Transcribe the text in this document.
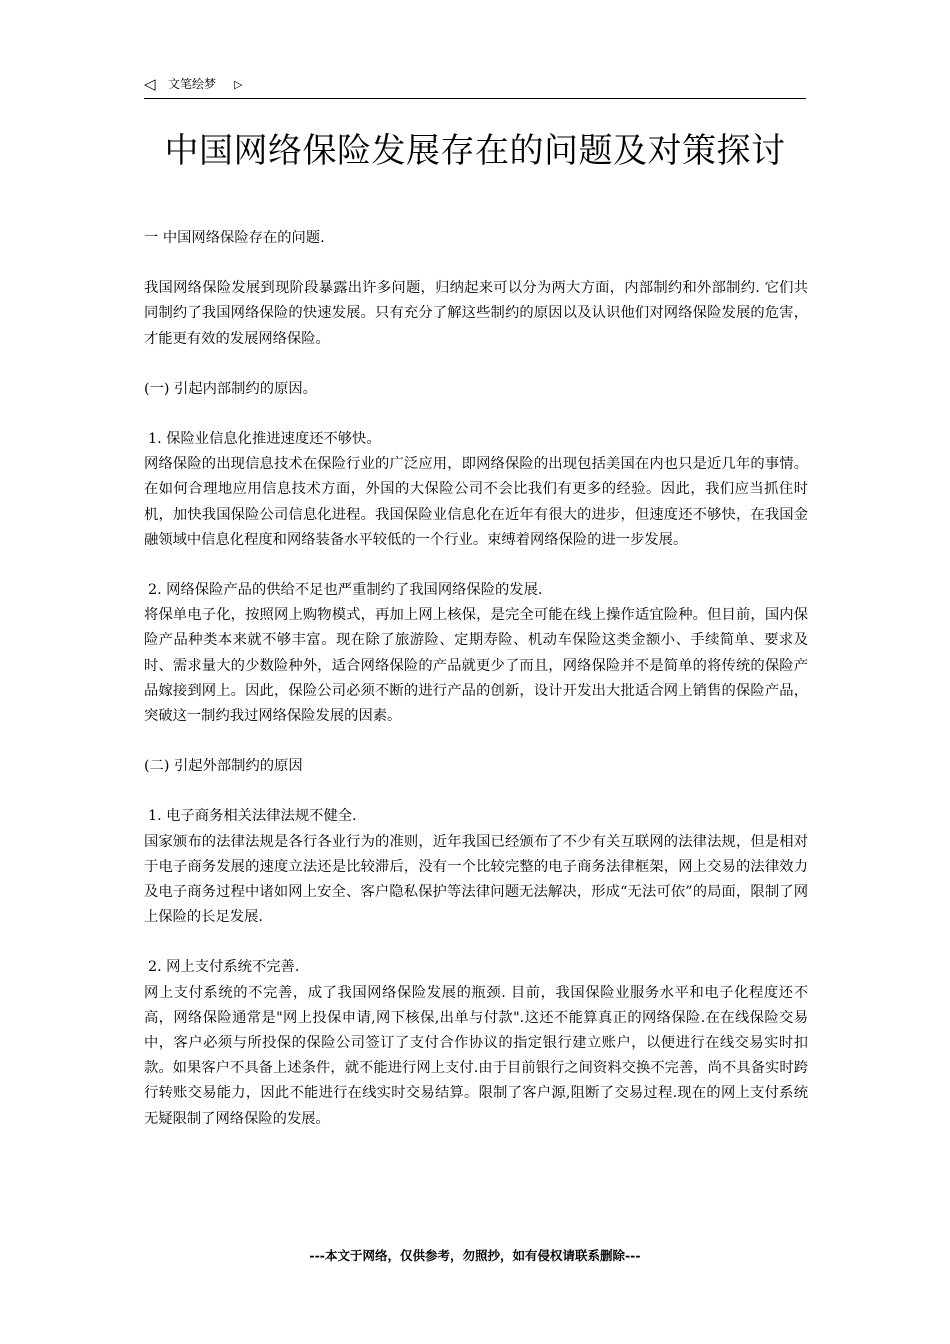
◁ 文笔绘梦 ▷
中国网络保险发展存在的问题及对策探讨

一 中国网络保险存在的问题.

我国网络保险发展到现阶段暴露出许多问题，归纳起来可以分为两大方面，内部制约和外部制约. 它们共同制约了我国网络保险的快速发展。只有充分了解这些制约的原因以及认识他们对网络保险发展的危害，才能更有效的发展网络保险。

(一) 引起内部制约的原因。

1. 保险业信息化推进速度还不够快。

网络保险的出现信息技术在保险行业的广泛应用，即网络保险的出现包括美国在内也只是近几年的事情。在如何合理地应用信息技术方面，外国的大保险公司不会比我们有更多的经验。因此，我们应当抓住时机，加快我国保险公司信息化进程。我国保险业信息化在近年有很大的进步，但速度还不够快，在我国金融领域中信息化程度和网络装备水平较低的一个行业。束缚着网络保险的进一步发展。

2. 网络保险产品的供给不足也严重制约了我国网络保险的发展.

将保单电子化，按照网上购物模式，再加上网上核保，是完全可能在线上操作适宜险种。但目前，国内保险产品种类本来就不够丰富。现在除了旅游险、定期寿险、机动车保险这类金额小、手续简单、要求及时、需求量大的少数险种外，适合网络保险的产品就更少了而且，网络保险并不是简单的将传统的保险产品嫁接到网上。因此，保险公司必须不断的进行产品的创新，设计开发出大批适合网上销售的保险产品，突破这一制约我过网络保险发展的因素。

(二) 引起外部制约的原因

1. 电子商务相关法律法规不健全.

国家颁布的法律法规是各行各业行为的准则，近年我国已经颁布了不少有关互联网的法律法规，但是相对于电子商务发展的速度立法还是比较滞后，没有一个比较完整的电子商务法律框架，网上交易的法律效力及电子商务过程中诸如网上安全、客户隐私保护等法律问题无法解决，形成“无法可依”的局面，限制了网上保险的长足发展.

2. 网上支付系统不完善.

网上支付系统的不完善，成了我国网络保险发展的瓶颈. 目前，我国保险业服务水平和电子化程度还不高，网络保险通常是"网上投保申请,网下核保,出单与付款".这还不能算真正的网络保险.在在线保险交易中，客户必须与所投保的保险公司签订了支付合作协议的指定银行建立账户，以便进行在线交易实时扣款。如果客户不具备上述条件，就不能进行网上支付.由于目前银行之间资料交换不完善，尚不具备实时跨行转账交易能力，因此不能进行在线实时交易结算。限制了客户源,阻断了交易过程.现在的网上支付系统无疑限制了网络保险的发展。

---本文于网络，仅供参考，勿照抄，如有侵权请联系删除---
